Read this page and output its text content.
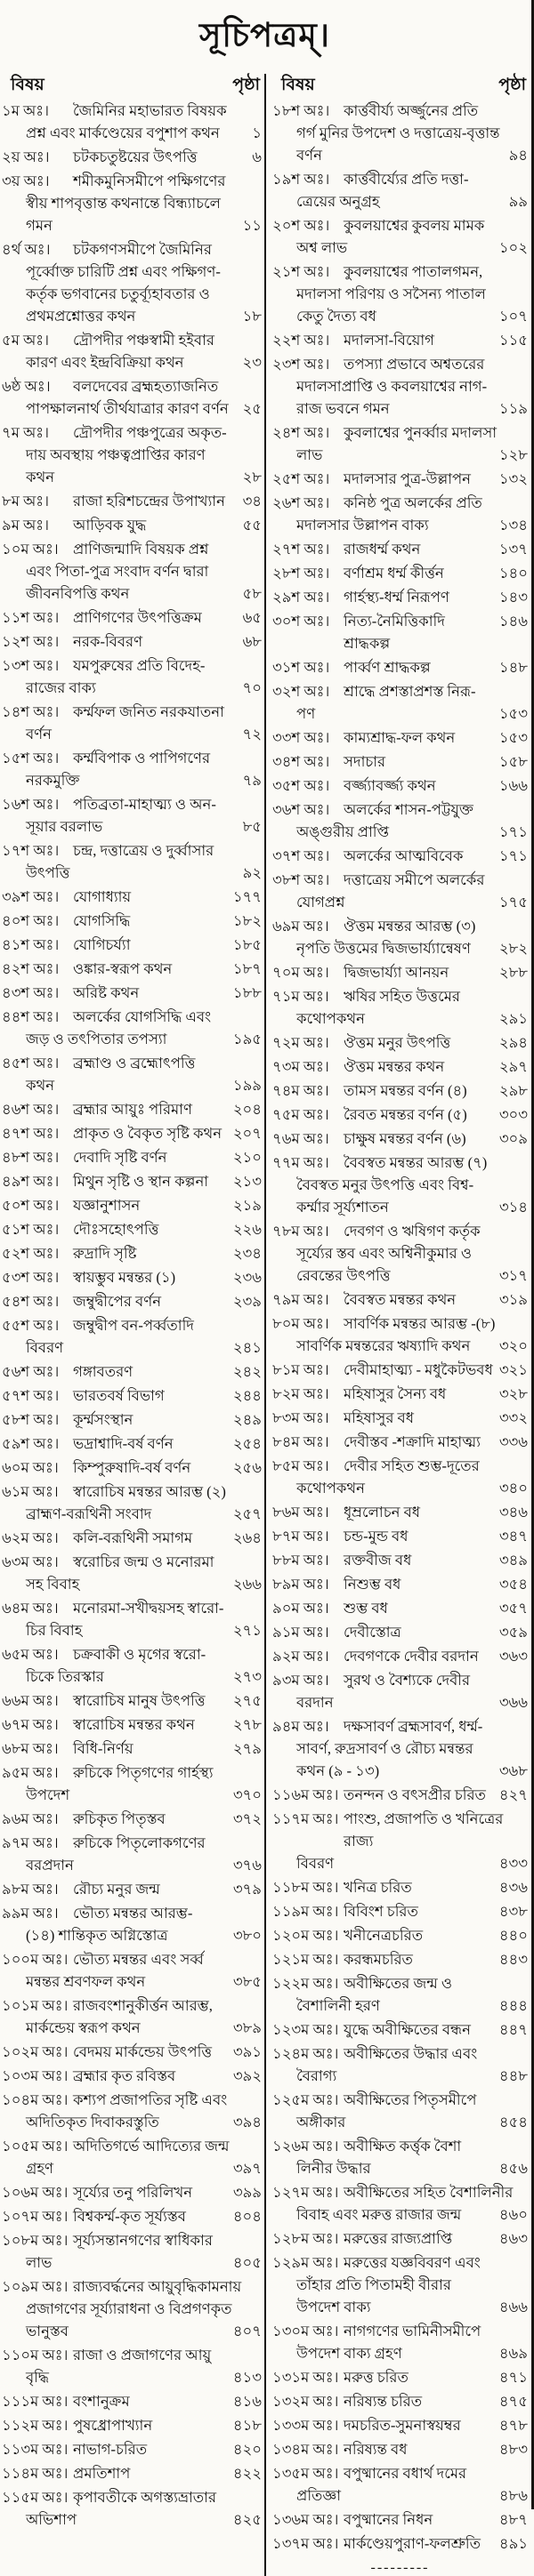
সূচিপত্রম্।
বিষয়	পৃষ্ঠা
১ম অঃ।	জৈমিনির মহাভারত বিষয়ক
প্রশ্ন এবং মার্কণ্ডেয়ের বপুশাপ কথন	১
২য় অঃ।	চটকচতুষ্টয়ের উৎপত্তি	৬
৩য় অঃ।	শমীকমুনিসমীপে পক্ষিগণের
স্বীয় শাপবৃত্তান্ত কথনান্তে বিন্ধ্যাচলে
গমন	১১
৪র্থ অঃ।	চটকগণসমীপে জৈমিনির
পূর্ব্বোক্ত চারিটি প্রশ্ন এবং পক্ষিগণ-
কর্তৃক ভগবানের চতুর্ব্যূহাবতার ও
প্রথমপ্রশ্নোত্তর কথন	১৮
৫ম অঃ।	দ্রৌপদীর পঞ্চস্বামী হইবার
কারণ এবং ইন্দ্রবিক্রিয়া কথন	২৩
৬ষ্ঠ অঃ।	বলদেবের ব্রহ্মহত্যাজনিত
পাপক্ষালনার্থ তীর্থযাত্রার কারণ বর্ণন ২৫
৭ম অঃ।	দ্রৌপদীর পঞ্চপুত্রের অকৃত-
দায় অবস্থায় পঞ্চত্বপ্রাপ্তির কারণ
কথন	২৮
৮ম অঃ।	রাজা হরিশচন্দ্রের উপাখ্যান	৩৪
৯ম অঃ।	আড়িবক যুদ্ধ	৫৫
১০ম অঃ। প্রাণিজন্মাদি বিষয়ক প্রশ্ন
এবং পিতা-পুত্র সংবাদ বর্ণন দ্বারা
জীবনবিপত্তি কথন	৫৮
১১শ অঃ। প্রাণিগণের উৎপত্তিক্রম	৬৫
১২শ অঃ। নরক-বিবরণ	৬৮
১৩শ অঃ। যমপুরুষের প্রতি বিদেহ-
রাজের বাক্য	৭০
১৪শ অঃ। কর্ম্মফল জনিত নরকযাতনা
বর্ণন	৭২
১৫শ অঃ। কর্ম্মবিপাক ও পাপিগণের
নরকমুক্তি	৭৯
১৬শ অঃ। পতিব্রতা-মাহাত্ম্য ও অন-
সূয়ার বরলাভ	৮৫
১৭শ অঃ। চন্দ্র, দত্তাত্রেয় ও দুর্ব্বাসার
উৎপত্তি	৯২
৩৯শ অঃ। যোগাধ্যায়	১৭৭
৪০শ অঃ। যোগসিদ্ধি	১৮২
৪১শ অঃ। যোগিচর্য্যা	১৮৫
৪২শ অঃ। ওঙ্কার-স্বরূপ কথন	১৮৭
৪৩শ অঃ। অরিষ্ট কথন	১৮৮
৪৪শ অঃ। অলর্কের যোগসিদ্ধি এবং
জড় ও তৎপিতার তপস্যা	১৯৫
৪৫শ অঃ। ব্রহ্মাণ্ড ও ব্রহ্মোৎপত্তি
কথন	১৯৯
৪৬শ অঃ। ব্রহ্মার আয়ুঃ পরিমাণ	২০৪
৪৭শ অঃ। প্রাকৃত ও বৈকৃত সৃষ্টি কথন ২০৭
৪৮শ অঃ। দেবাদি সৃষ্টি বর্ণন	২১০
৪৯শ অঃ। মিথুন সৃষ্টি ও স্থান কল্পনা	২১৩
৫০শ অঃ। যজ্ঞানুশাসন	২১৯
৫১শ অঃ। দৌঃসহোৎপত্তি	২২৬
৫২শ অঃ। রুদ্রাদি সৃষ্টি	২৩৪
৫৩শ অঃ। স্বায়ম্ভুব মন্বন্তর (১)	২৩৬
৫৪শ অঃ। জম্বুদ্বীপের বর্ণন	২৩৯
৫৫শ অঃ। জম্বুদ্বীপ বন-পর্ব্বতাদি
বিবরণ	২৪১
৫৬শ অঃ। গঙ্গাবতরণ	২৪২
৫৭শ অঃ। ভারতবর্ষ বিভাগ	২৪৪
৫৮শ অঃ। কূর্ম্মসংস্থান	২৪৯
৫৯শ অঃ। ভদ্রাশ্বাদি-বর্ষ বর্ণন	২৫৪
৬০ম অঃ। কিম্পুরুষাদি-বর্ষ বর্ণন	২৫৬
৬১ম অঃ। স্বারোচিষ মন্বন্তর আরম্ভ (২)
ব্রাহ্মণ-বরূথিনী সংবাদ	২৫৭
৬২ম অঃ। কলি-বরূথিনী সমাগম	২৬৪
৬৩ম অঃ। স্বরোচির জন্ম ও মনোরমা
সহ বিবাহ	২৬৬
৬৪ম অঃ। মনোরমা-সখীদ্বয়সহ স্বারো-
চির বিবাহ	২৭১
৬৫ম অঃ। চক্রবাকী ও মৃগের স্বরো-
চিকে তিরস্কার	২৭৩
৬৬ম অঃ। স্বারোচিষ মানুষ উৎপত্তি	২৭৫
৬৭ম অঃ। স্বারোচিষ মন্বন্তর কথন	২৭৮
৬৮ম অঃ। বিধি-নির্ণয়	২৭৯
৯৫ম অঃ। রুচিকে পিতৃগণের গার্হস্থ্য
উপদেশ	৩৭০
৯৬ম অঃ। রুচিকৃত পিতৃস্তব	৩৭২
৯৭ম অঃ। রুচিকে পিতৃলোকগণের
বরপ্রদান	৩৭৬
৯৮ম অঃ। রৌচ্য মনুর জন্ম	৩৭৯
৯৯ম অঃ। ভৌত্য মন্বন্তর আরম্ভ-
(১৪) শান্তিকৃত অগ্নিস্তোত্র	৩৮০
১০০ম অঃ। ভৌত্য মন্বন্তর এবং সর্ব্ব
মন্বন্তর শ্রবণফল কথন	৩৮৫
১০১ম অঃ। রাজবংশানুকীর্ত্তন আরম্ভ,
মার্কন্ডেয় স্বরূপ কথন	৩৮৯
১০২ম অঃ। বেদময় মার্কন্ডেয় উৎপত্তি	৩৯১
১০৩ম অঃ। ব্রহ্মার কৃত রবিস্তব	৩৯২
১০৪ম অঃ। কশ্যপ প্রজাপতির সৃষ্টি এবং
অদিতিকৃত দিবাকরস্তুতি	৩৯৪
১০৫ম অঃ। অদিতিগর্ভে আদিত্যের জন্ম
গ্রহণ	৩৯৭
১০৬ম অঃ। সূর্য্যের তনু পরিলিখন	৩৯৯
১০৭ম অঃ। বিশ্বকর্ম্ম-কৃত সূর্য্যস্তব	৪০৪
১০৮ম অঃ। সূর্য্যসন্তানগণের স্বাধিকার
লাভ	৪০৫
১০৯ম অঃ। রাজ্যবর্দ্ধনের আয়ুবৃদ্ধিকামনায়
প্রজাগণের সূর্য্যারাধনা ও বিপ্রগণকৃত
ভানুস্তব	৪০৭
১১০ম অঃ। রাজা ও প্রজাগণের আয়ু
বৃদ্ধি	৪১৩
১১১ম অঃ। বংশানুক্রম	৪১৬
১১২ম অঃ। পুষধ্রোপাখ্যান	৪১৮
১১৩ম অঃ। নাভাগ-চরিত	৪২০
১১৪ম অঃ। প্রমতিশাপ	৪২২
১১৫ম অঃ। কৃপাবতীকে অগস্ত্যভ্রাতার
অভিশাপ	৪২৫
বিষয়	পৃষ্ঠা
১৮শ অঃ। কার্ত্তবীর্য্য অর্জ্জুনের প্রতি
গর্গ মুনির উপদেশ ও দত্তাত্রেয়-বৃত্তান্ত
বর্ণন	৯৪
১৯শ অঃ। কার্ত্তবীর্য্যের প্রতি দত্তা-
ত্রেয়ের অনুগ্রহ	৯৯
২০শ অঃ। কুবলয়াশ্বের কুবলয় মামক
অশ্ব লাভ	১০২
২১শ অঃ। কুবলয়াশ্বের পাতালগমন,
মদালসা পরিণয় ও সসৈন্য পাতাল
কেতু দৈত্য বধ	১০৭
২২শ অঃ। মদালসা-বিয়োগ	১১৫
২৩শ অঃ। তপস্যা প্রভাবে অশ্বতরের
মদালসাপ্রাপ্তি ও কবলয়াশ্বের নাগ-
রাজ ভবনে গমন	১১৯
২৪শ অঃ। কুবলাশ্বের পুনর্ব্বার মদালসা
লাভ	১২৮
২৫শ অঃ। মদালসার পুত্র-উল্লাপন	১৩২
২৬শ অঃ। কনিষ্ঠ পুত্র অলর্কের প্রতি
মদালসার উল্লাপন বাক্য	১৩৪
২৭শ অঃ। রাজধর্ম্ম কথন	১৩৭
২৮শ অঃ। বর্ণাশ্রম ধর্ম্ম কীর্ত্তন	১৪০
২৯শ অঃ। গার্হস্থ্য-ধর্ম্ম নিরূপণ	১৪৩
৩০শ অঃ। নিত্য-নৈমিত্তিকাদি শ্রাদ্ধকল্প
১৪৬
৩১শ অঃ। পার্ব্বণ শ্রাদ্ধকল্প	১৪৮
৩২শ অঃ। শ্রাদ্ধে প্রশস্তাপ্রশস্ত নিরূ-
পণ	১৫৩
৩৩শ অঃ। কাম্যশ্রাদ্ধ-ফল কথন	১৫৩
৩৪শ অঃ। সদাচার	১৫৮
৩৫শ অঃ। বর্জ্জ্যাবর্জ্জ্য কথন	১৬৬
৩৬শ অঃ। অলর্কের শাসন-পট্টযুক্ত
অঙ্গুরীয় প্রাপ্তি	১৭১
৩৭শ অঃ। অলর্কের আত্মবিবেক	১৭১
৩৮শ অঃ। দত্তাত্রেয় সমীপে অলর্কের
যোগপ্রশ্ন	১৭৫
৬৯ম অঃ। ঔত্তম মন্বন্তর আরম্ভ (৩)
নৃপতি উত্তমের দ্বিজভার্য্যান্বেষণ	২৮২
৭০ম অঃ। দ্বিজভার্য্যা আনয়ন	২৮৮
৭১ম অঃ। ঋষির সহিত উত্তমের
কথোপকথন	২৯১
৭২ম অঃ। ঔত্তম মনুর উৎপত্তি	২৯৪
৭৩ম অঃ। ঔত্তম মন্বন্তর কথন	২৯৭
৭৪ম অঃ। তামস মন্বন্তর বর্ণন (৪)	২৯৮
৭৫ম অঃ। রৈবত মন্বন্তর বর্ণন (৫)	৩০৩
৭৬ম অঃ। চাক্ষুষ মন্বন্তর বর্ণন (৬)	৩০৯
৭৭ম অঃ। বৈবস্বত মন্বন্তর আরম্ভ (৭)
বৈবস্বত মনুর উৎপত্তি এবং বিশ্ব-
কর্ম্মার সূর্য্যশাতন	৩১৪
৭৮ম অঃ। দেবগণ ও ঋষিগণ কর্তৃক
সূর্য্যের স্তব এবং অশ্বিনীকুমার ও
রেবন্তের উৎপত্তি	৩১৭
৭৯ম অঃ। বৈবস্বত মন্বন্তর কথন	৩১৯
৮০ম অঃ। সাবর্ণিক মন্বন্তর আরম্ভ -(৮)
সাবর্ণিক মন্বন্তরের ঋষ্যাদি কথন	৩২০
৮১ম অঃ। দেবীমাহাত্ম্য - মধুকৈটভবধ ৩২১
৮২ম অঃ। মহিষাসুর সৈন্য বধ	৩২৮
৮৩ম অঃ। মহিষাসুর বধ	৩৩২
৮৪ম অঃ। দেবীস্তব -শক্রাদি মাহাত্ম্য	৩৩৬
৮৫ম অঃ। দেবীর সহিত শুম্ভ-দূতের
কথোপকথন	৩৪০
৮৬ম অঃ। ধূম্রলোচন বধ	৩৪৬
৮৭ম অঃ। চন্ড-মুন্ড বধ	৩৪৭
৮৮ম অঃ। রক্তবীজ বধ	৩৪৯
৮৯ম অঃ। নিশুম্ভ বধ	৩৫৪
৯০ম অঃ। শুম্ভ বধ	৩৫৭
৯১ম অঃ। দেবীস্তোত্র	৩৫৯
৯২ম অঃ। দেবগণকে দেবীর বরদান	৩৬৩
৯৩ম অঃ। সুরথ ও বৈশ্যকে দেবীর
বরদান	৩৬৬
৯৪ম অঃ। দক্ষসাবর্ণ ব্রহ্মসাবর্ণ, ধর্ম্ম-
সাবর্ণ, রুদ্রসাবর্ণ ও রৌচ্য মন্বন্তর
কথন (৯ - ১৩)	৩৬৮
১১৬ম অঃ। তনন্দন ও বৎসপ্রীর চরিত ৪২৭
১১৭ম অঃ। পাংশু, প্রজাপতি ও খনিত্রের রাজ্য
বিবরণ	৪৩৩
১১৮ম অঃ। খনিত্র চরিত	৪৩৬
১১৯ম অঃ। বিবিংশ চরিত	৪৩৮
১২০ম অঃ। খনীনেত্রচরিত	৪৪০
১২১ম অঃ। করন্ধমচরিত	৪৪৩
১২২ম অঃ। অবীক্ষিতের জন্ম ও
বৈশালিনী হরণ	৪৪৪
১২৩ম অঃ। যুদ্ধে অবীক্ষিতের বন্ধন	৪৪৭
১২৪ম অঃ। অবীক্ষিতের উদ্ধার এবং
বৈরাগ্য	৪৪৮
১২৫ম অঃ। অবীক্ষিতের পিতৃসমীপে
অঙ্গীকার	৪৫৪
১২৬ম অঃ। অবীক্ষিত কর্ত্তৃক বৈশা
লিনীর উদ্ধার	৪৫৬
১২৭ম অঃ। অবীক্ষিতের সহিত বৈশালিনীর
বিবাহ এবং মরুত্ত রাজার জন্ম	৪৬০
১২৮ম অঃ। মরুত্তের রাজ্যপ্রাপ্তি	৪৬৩
১২৯ম অঃ। মরুত্তের যজ্ঞবিবরণ এবং
তাঁহার প্রতি পিতামহী বীরার
উপদেশ বাক্য	৪৬৬
১৩০ম অঃ। নাগগণের ভামিনীসমীপে
উপদেশ বাক্য গ্রহণ	৪৬৯
১৩১ম অঃ। মরুত্ত চরিত	৪৭১
১৩২ম অঃ। নরিষ্যন্ত চরিত	৪৭৫
১৩৩ম অঃ। দমচরিত-সুমনাস্বয়ম্বর	৪৭৮
১৩৪ম অঃ। নরিষ্যন্ত বধ	৪৮৩
১৩৫ম অঃ। বপুষ্মানের বধার্থ দমের
প্রতিজ্ঞা	৪৮৬
১৩৬ম অঃ। বপুষ্মানের নিধন	৪৮৭
১৩৭ম অঃ। মার্কণ্ডেয়পুরাণ-ফলশ্রুতি	৪৯১
---------
